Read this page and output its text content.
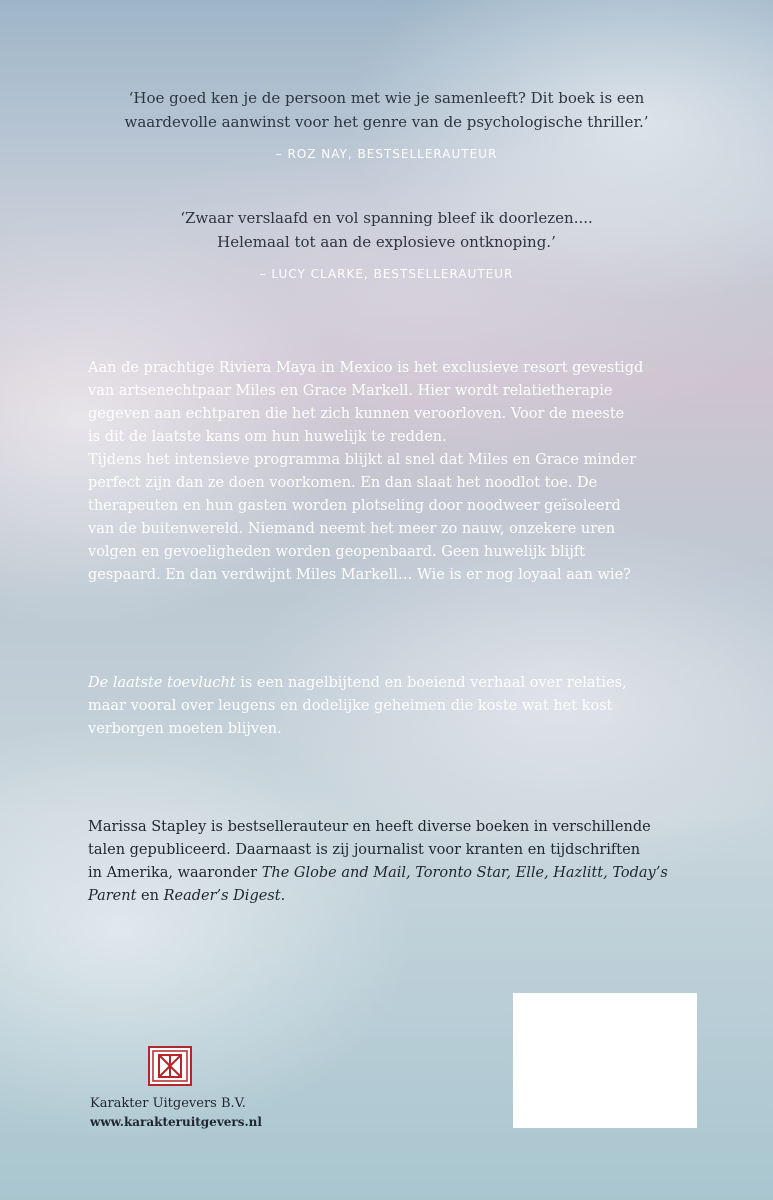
‘Hoe goed ken je de persoon met wie je samenleeft? Dit boek is een

waardevolle aanwinst voor het genre van de psychologische thriller.’

– ROZ NAY, BESTSELLERAUTEUR

‘Zwaar verslaafd en vol spanning bleef ik doorlezen....

Helemaal tot aan de explosieve ontknoping.’

– LUCY CLARKE, BESTSELLERAUTEUR

Aan de prachtige Riviera Maya in Mexico is het exclusieve resort gevestigd

van artsenechtpaar Miles en Grace Markell. Hier wordt relatietherapie

gegeven aan echtparen die het zich kunnen veroorloven. Voor de meeste

is dit de laatste kans om hun huwelijk te redden.

Tijdens het intensieve programma blijkt al snel dat Miles en Grace minder

perfect zijn dan ze doen voorkomen. En dan slaat het noodlot toe. De

therapeuten en hun gasten worden plotseling door noodweer geïsoleerd

van de buitenwereld. Niemand neemt het meer zo nauw, onzekere uren

volgen en gevoeligheden worden geopenbaard. Geen huwelijk blijft

gespaard. En dan verdwijnt Miles Markell… Wie is er nog loyaal aan wie?

De laatste toevlucht is een nagelbijtend en boeiend verhaal over relaties,

maar vooral over leugens en dodelijke geheimen die koste wat het kost

verborgen moeten blijven.

Marissa Stapley is bestsellerauteur en heeft diverse boeken in verschillende

talen gepubliceerd. Daarnaast is zij journalist voor kranten en tijdschriften

in Amerika, waaronder The Globe and Mail, Toronto Star, Elle, Hazlitt, Today’s

Parent en Reader’s Digest.

Karakter Uitgevers B.V.
www.karakteruitgevers.nl
